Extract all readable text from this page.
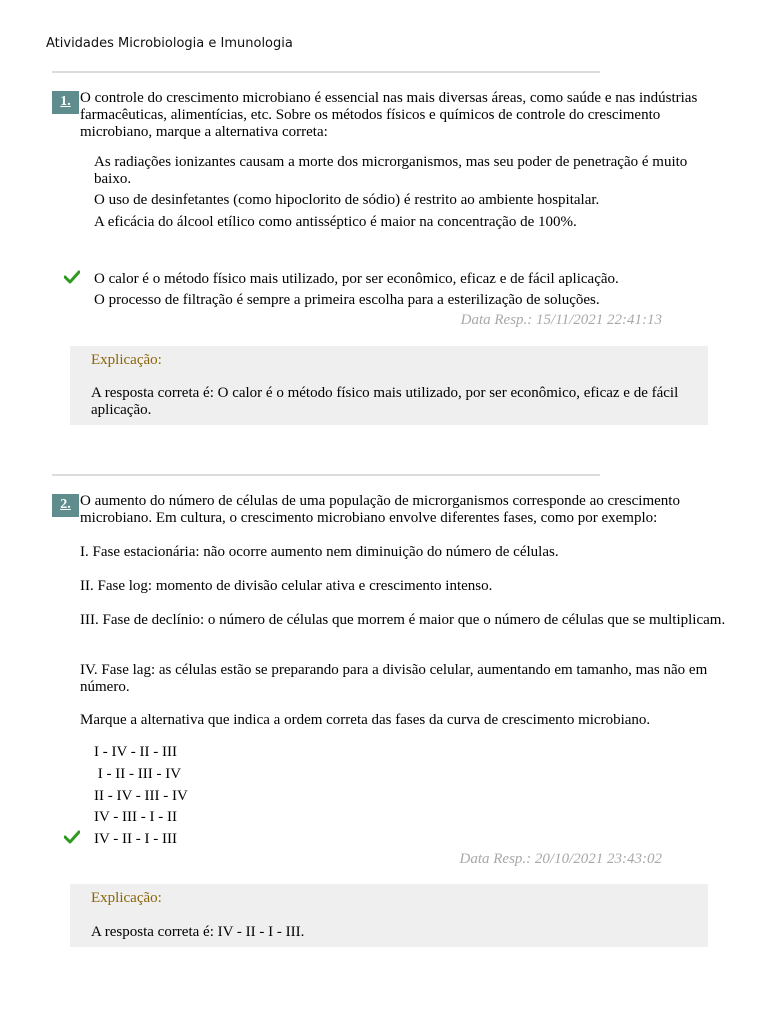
Atividades Microbiologia e Imunologia
1. O controle do crescimento microbiano é essencial nas mais diversas áreas, como saúde e nas indústrias farmacêuticas, alimentícias, etc. Sobre os métodos físicos e químicos de controle do crescimento microbiano, marque a alternativa correta:
As radiações ionizantes causam a morte dos microrganismos, mas seu poder de penetração é muito baixo.
O uso de desinfetantes (como hipoclorito de sódio) é restrito ao ambiente hospitalar.
A eficácia do álcool etílico como antisséptico é maior na concentração de 100%.
O calor é o método físico mais utilizado, por ser econômico, eficaz e de fácil aplicação.
O processo de filtração é sempre a primeira escolha para a esterilização de soluções.
Data Resp.: 15/11/2021 22:41:13
Explicação:
A resposta correta é: O calor é o método físico mais utilizado, por ser econômico, eficaz e de fácil aplicação.
2. O aumento do número de células de uma população de microrganismos corresponde ao crescimento microbiano. Em cultura, o crescimento microbiano envolve diferentes fases, como por exemplo:
I. Fase estacionária: não ocorre aumento nem diminuição do número de células.
II. Fase log: momento de divisão celular ativa e crescimento intenso.
III. Fase de declínio: o número de células que morrem é maior que o número de células que se multiplicam.
IV. Fase lag: as células estão se preparando para a divisão celular, aumentando em tamanho, mas não em número.
Marque a alternativa que indica a ordem correta das fases da curva de crescimento microbiano.
I - IV - II - III
I - II - III - IV
II - IV - III - IV
IV - III - I - II
IV - II - I - III
Data Resp.: 20/10/2021 23:43:02
Explicação:
A resposta correta é: IV - II - I - III.
